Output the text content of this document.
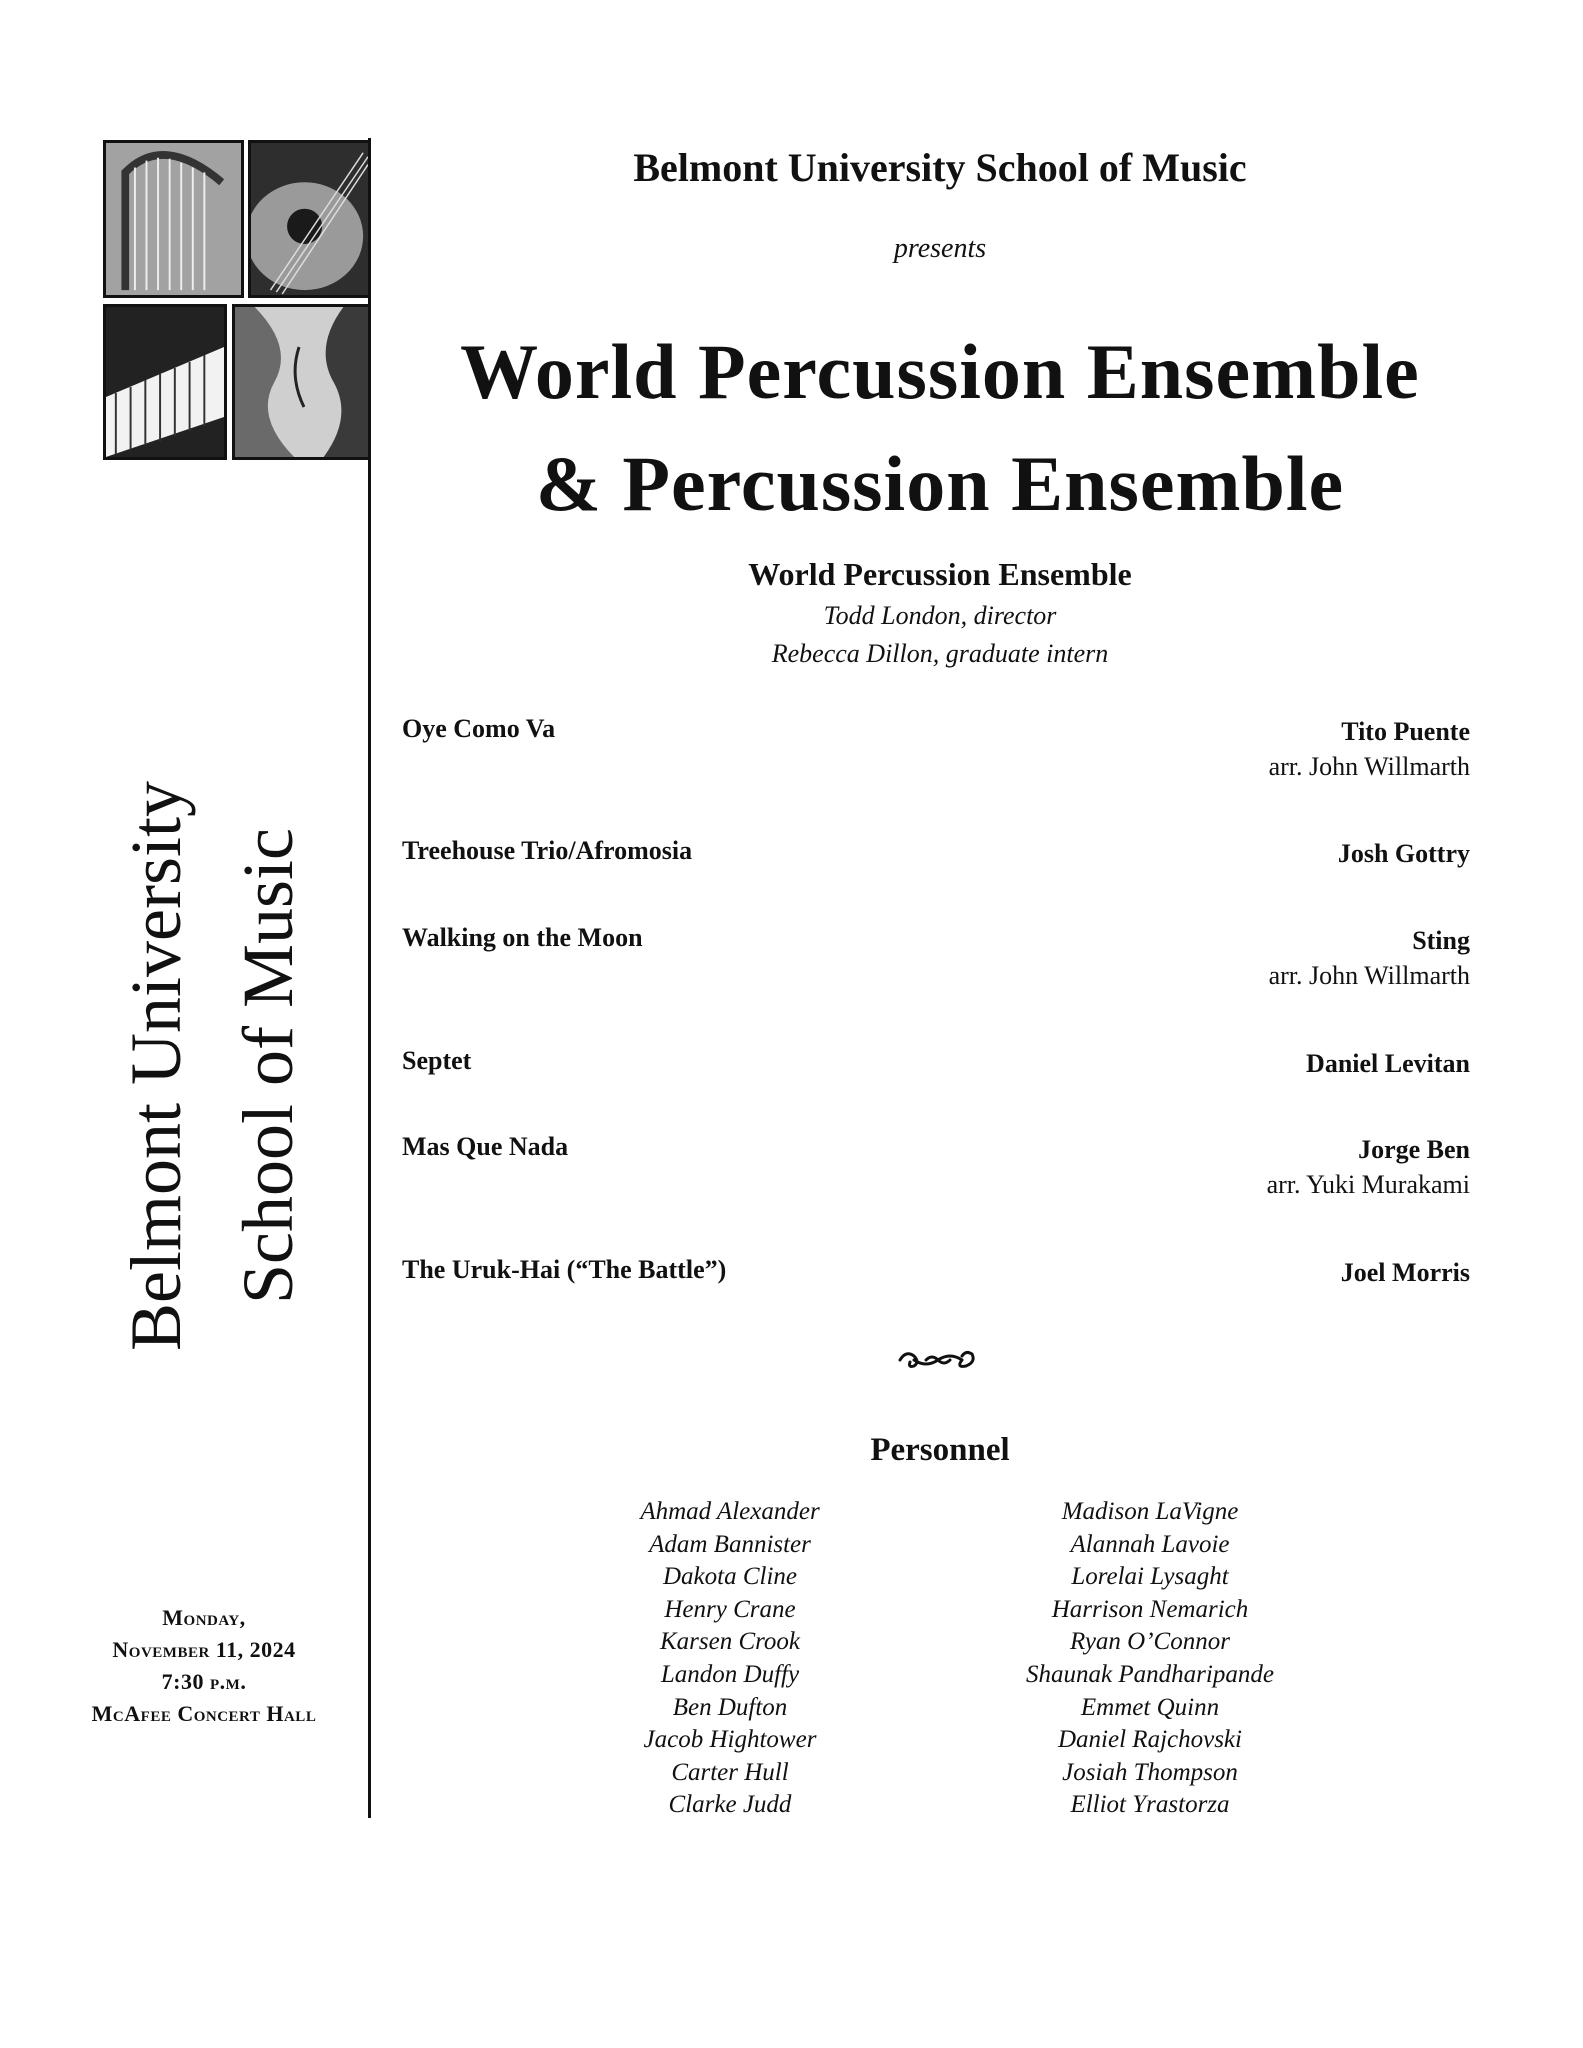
Belmont University School of Music
Monday,
November 11, 2024
7:30 p.m.
McAfee Concert Hall
Belmont University School of Music
presents
World Percussion Ensemble
& Percussion Ensemble
World Percussion Ensemble
Todd London, director
Rebecca Dillon, graduate intern
Oye Como Va	Tito Puente
arr. John Willmarth
Treehouse Trio/Afromosia	Josh Gottry
Walking on the Moon	Sting
arr. John Willmarth
Septet	Daniel Levitan
Mas Que Nada	Jorge Ben
arr. Yuki Murakami
The Uruk-Hai (“The Battle”)	Joel Morris
Personnel
Ahmad Alexander
Adam Bannister
Dakota Cline
Henry Crane
Karsen Crook
Landon Duffy
Ben Dufton
Jacob Hightower
Carter Hull
Clarke Judd
Madison LaVigne
Alannah Lavoie
Lorelai Lysaght
Harrison Nemarich
Ryan O’Connor
Shaunak Pandharipande
Emmet Quinn
Daniel Rajchovski
Josiah Thompson
Elliot Yrastorza
